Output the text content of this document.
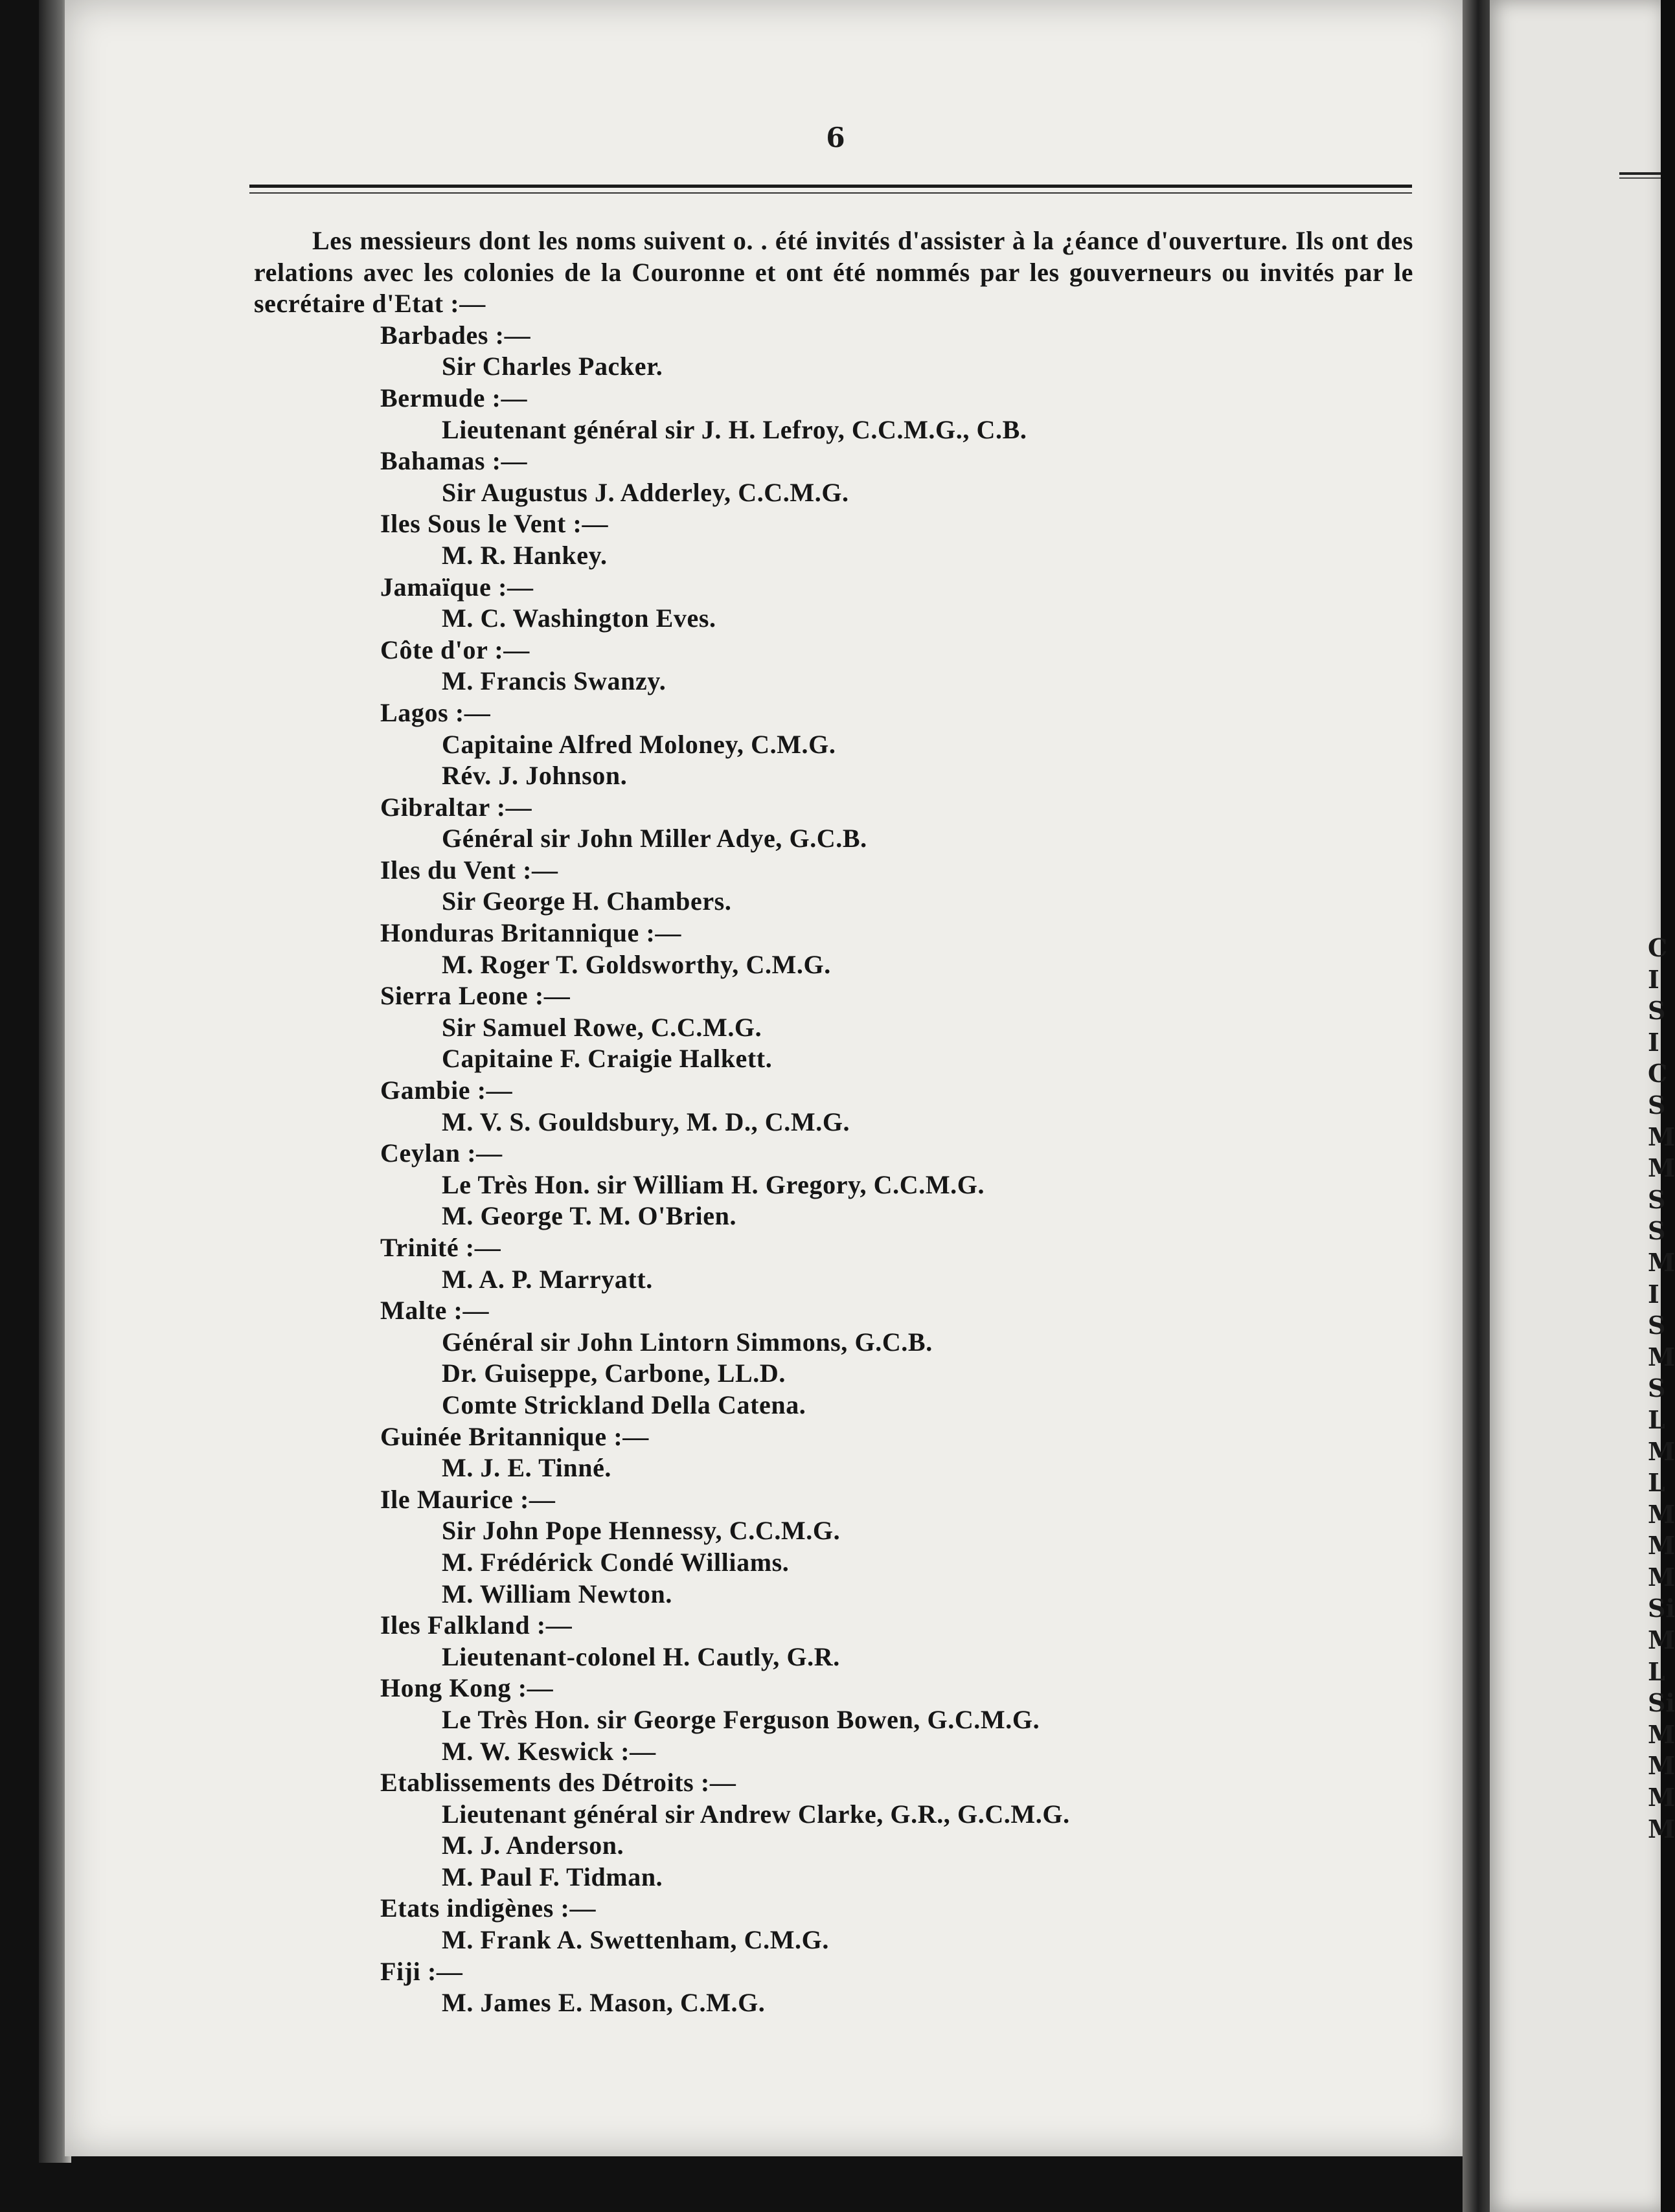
C
I
S
I
C
S
M
M
S
S
M
I
S
M
S
L
M
L
M
M
M
Si
M
L
Si
M
M
M
M
6

Les messieurs dont les noms suivent o. . été invités d'assister à la ¿éance d'ouverture. Ils ont des relations avec les colonies de la Couronne et ont été nommés par les gouverneurs ou invités par le secrétaire d'Etat :—

Barbades :—
Sir Charles Packer.
Bermude :—
Lieutenant général sir J. H. Lefroy, C.C.M.G., C.B.
Bahamas :—
Sir Augustus J. Adderley, C.C.M.G.
Iles Sous le Vent :—
M. R. Hankey.
Jamaïque :—
M. C. Washington Eves.
Côte d'or :—
M. Francis Swanzy.
Lagos :—
Capitaine Alfred Moloney, C.M.G.
Rév. J. Johnson.
Gibraltar :—
Général sir John Miller Adye, G.C.B.
Iles du Vent :—
Sir George H. Chambers.
Honduras Britannique :—
M. Roger T. Goldsworthy, C.M.G.
Sierra Leone :—
Sir Samuel Rowe, C.C.M.G.
Capitaine F. Craigie Halkett.
Gambie :—
M. V. S. Gouldsbury, M. D., C.M.G.
Ceylan :—
Le Très Hon. sir William H. Gregory, C.C.M.G.
M. George T. M. O'Brien.
Trinité :—
M. A. P. Marryatt.
Malte :—
Général sir John Lintorn Simmons, G.C.B.
Dr. Guiseppe, Carbone, LL.D.
Comte Strickland Della Catena.
Guinée Britannique :—
M. J. E. Tinné.
Ile Maurice :—
Sir John Pope Hennessy, C.C.M.G.
M. Frédérick Condé Williams.
M. William Newton.
Iles Falkland :—
Lieutenant-colonel H. Cautly, G.R.
Hong Kong :—
Le Très Hon. sir George Ferguson Bowen, G.C.M.G.
M. W. Keswick :—
Etablissements des Détroits :—
Lieutenant général sir Andrew Clarke, G.R., G.C.M.G.
M. J. Anderson.
M. Paul F. Tidman.
Etats indigènes :—
M. Frank A. Swettenham, C.M.G.
Fiji :—
M. James E. Mason, C.M.G.
